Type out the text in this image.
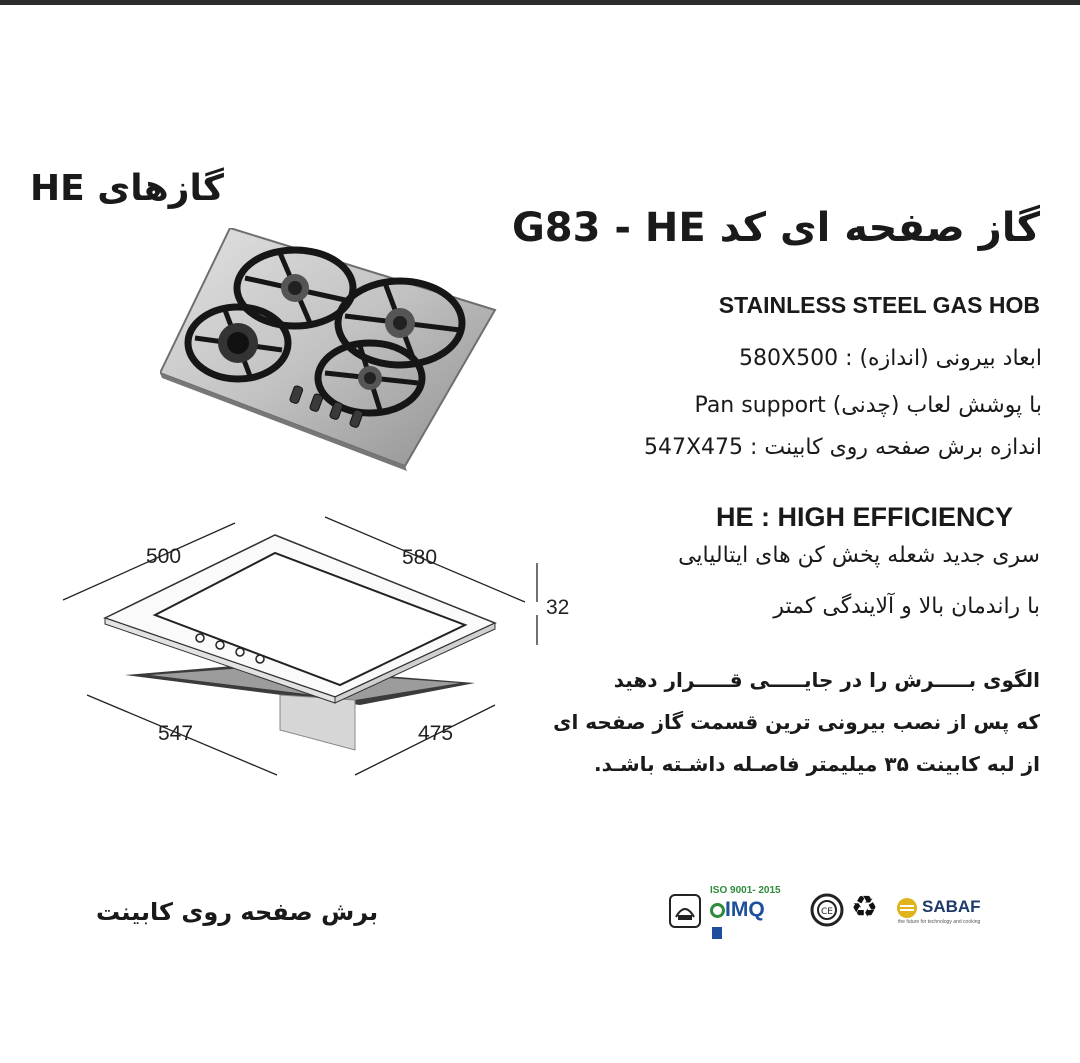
گازهای HE
500	580
32
547	475
برش صفحه روی کابینت
گاز صفحه ای کد G83 - HE
STAINLESS STEEL GAS HOB
580X500 : ابعاد بیرونی (اندازه)
Pan support (چدنی) با پوشش لعاب
547X475 : اندازه برش صفحه روی کابینت
HE : HIGH EFFICIENCY
سری جدید شعله پخش کن های ایتالیایی
با راندمان بالا و آلایندگی کمتر
الگوی بـــــرش را در جایـــــی قـــــرار دهید
که پس از نصب بیرونی ترین قسمت گاز صفحه ای
از لبه کابینت ۳۵ میلیمتر فاصـله داشـته باشـد.
ISO 9001- 2015
IMQ	CE ♻	SABAF
the future for technology and cooking
